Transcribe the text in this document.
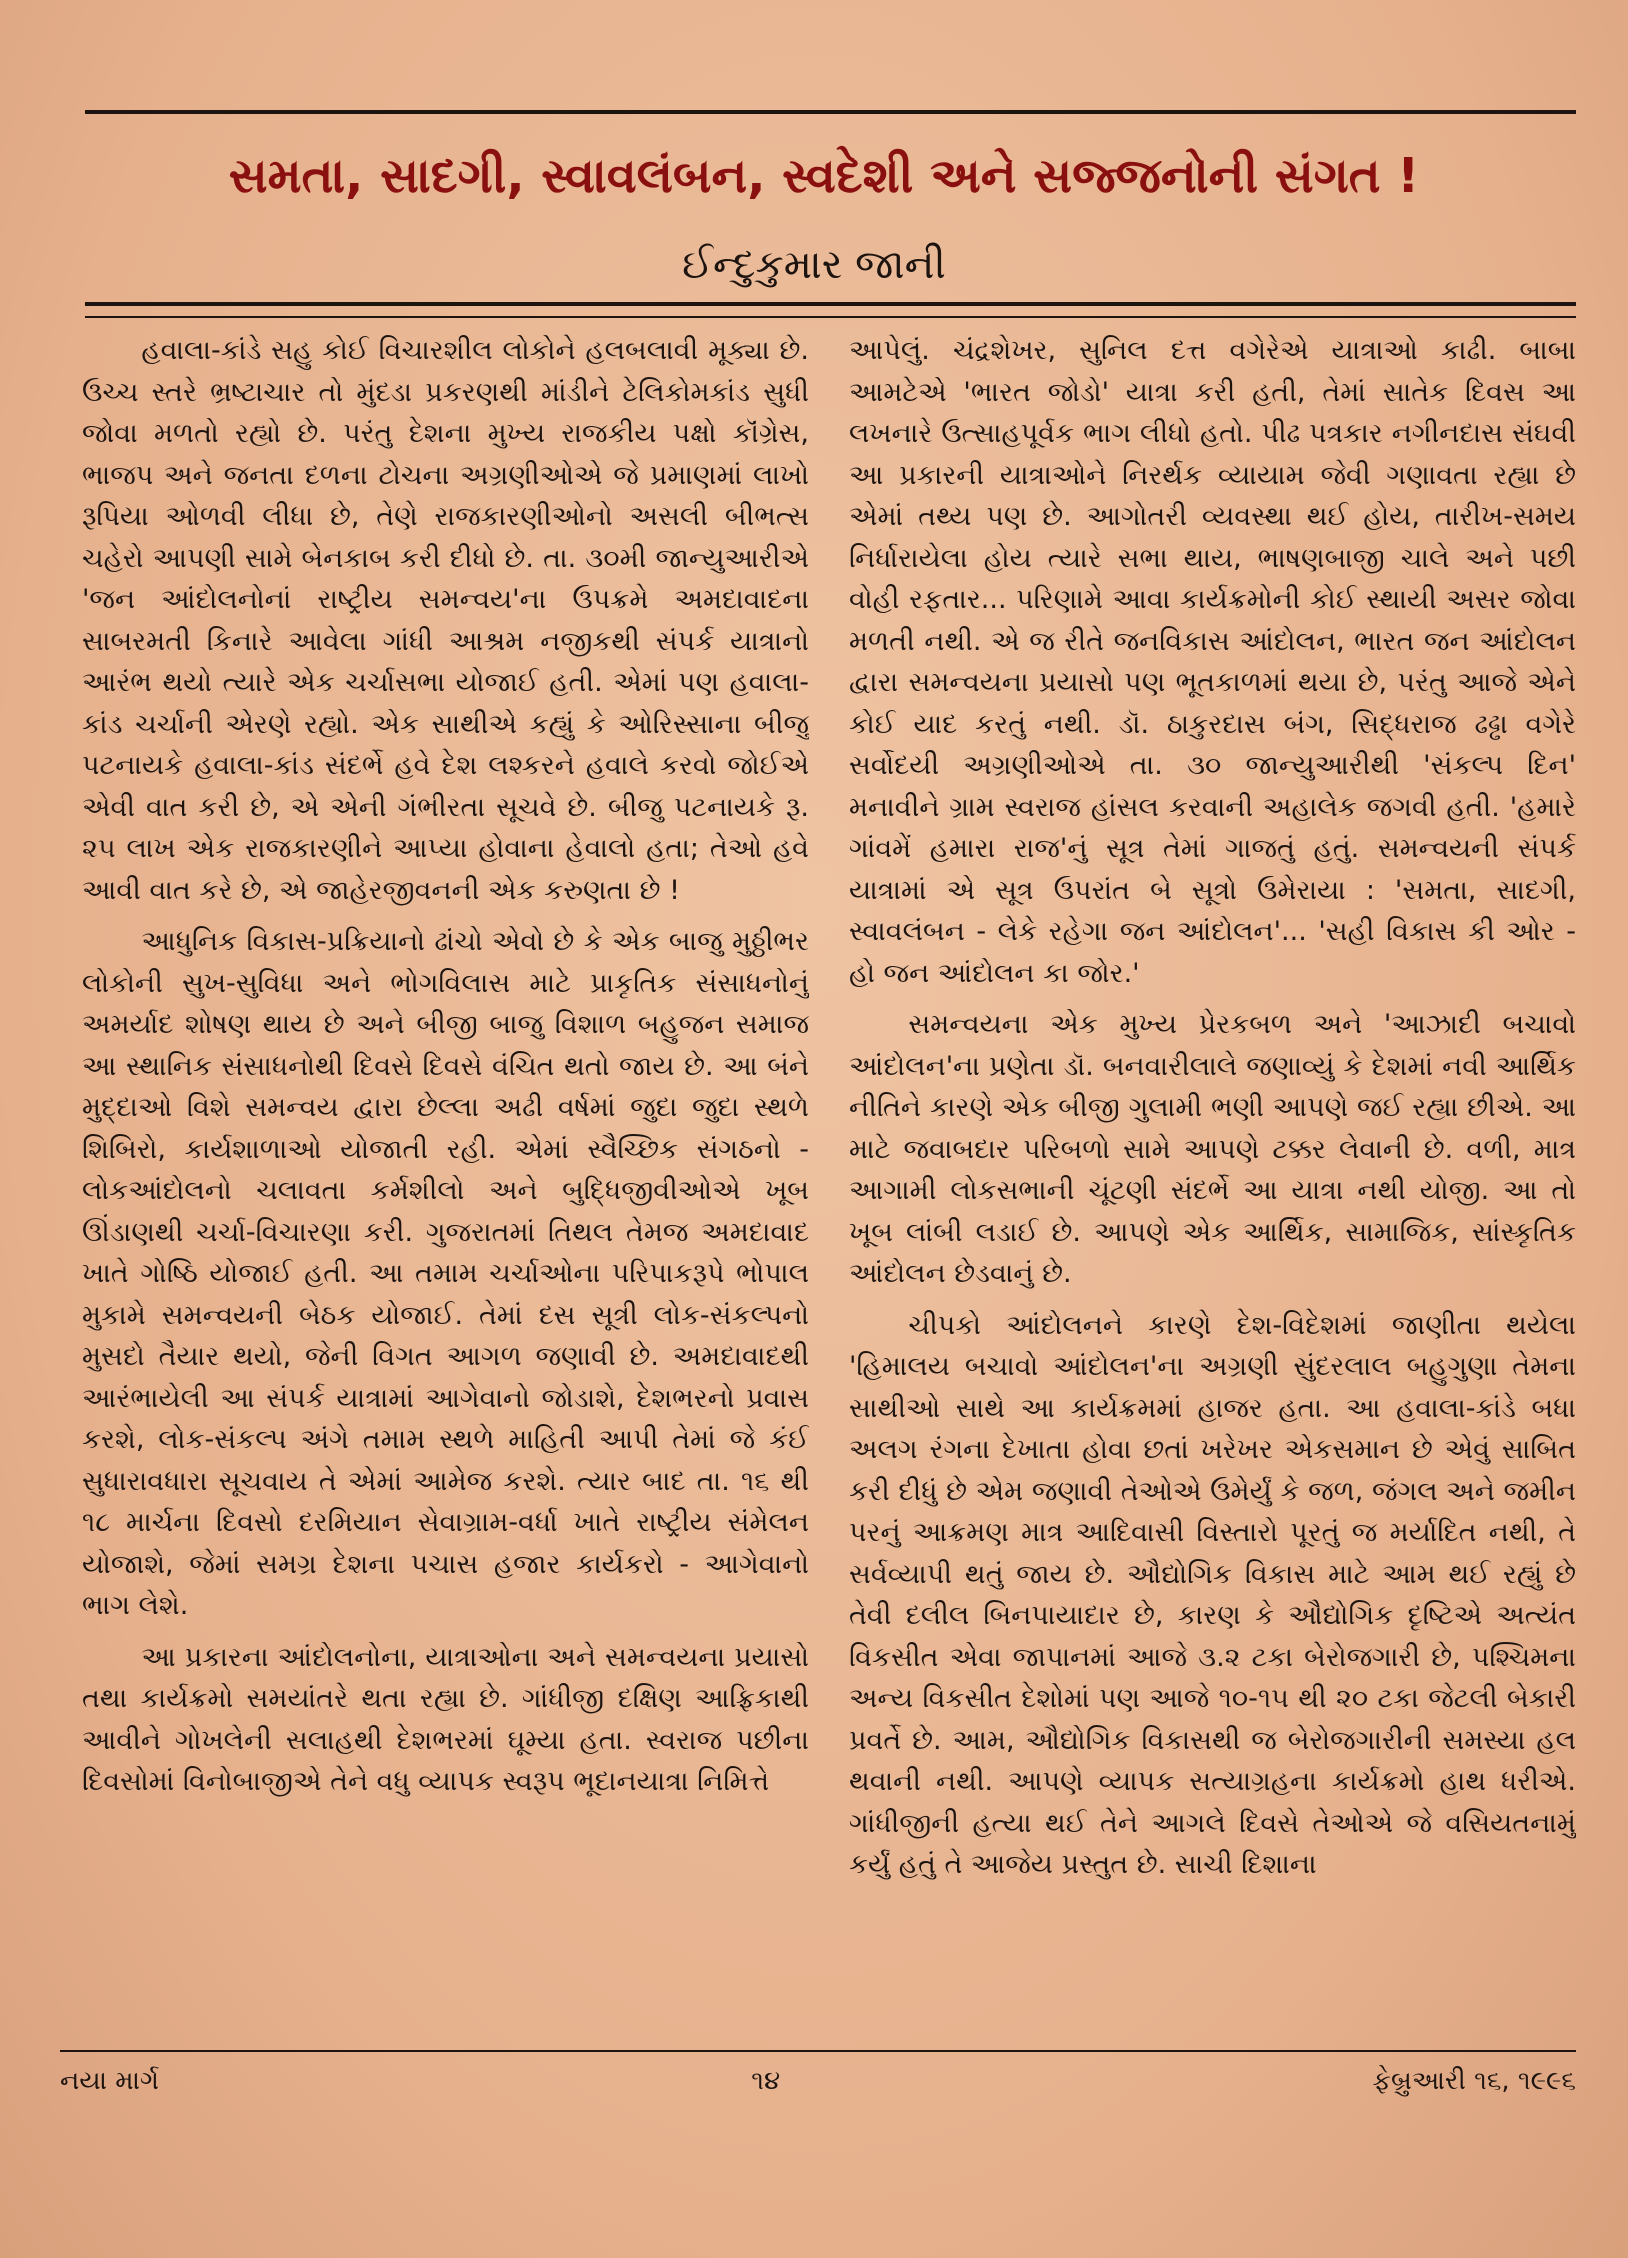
સમતા, સાદગી, સ્વાવલંબન, સ્વદેશી અને સજ્જનોની સંગત !
ઈન્દુકુમાર જાની

હવાલા-કાંડે સહુ કોઈ વિચારશીલ લોકોને હલબલાવી મૂક્યા છે. ઉચ્ચ સ્તરે ભ્રષ્ટાચાર તો મુંદડા પ્રકરણથી માંડીને ટેલિકોમકાંડ સુધી જોવા મળતો રહ્યો છે. પરંતુ દેશના મુખ્ય રાજકીય પક્ષો કૉંગ્રેસ, ભાજપ અને જનતા દળના ટોચના અગ્રણીઓએ જે પ્રમાણમાં લાખો રૂપિયા ઓળવી લીધા છે, તેણે રાજકારણીઓનો અસલી બીભત્સ ચહેરો આપણી સામે બેનકાબ કરી દીધો છે. તા. ૩૦મી જાન્યુઆરીએ 'જન આંદોલનોનાં રાષ્ટ્રીય સમન્વય'ના ઉપક્રમે અમદાવાદના સાબરમતી કિનારે આવેલા ગાંધી આશ્રમ નજીકથી સંપર્ક યાત્રાનો આરંભ થયો ત્યારે એક ચર્ચાસભા યોજાઈ હતી. એમાં પણ હવાલા-કાંડ ચર્ચાની એરણે રહ્યો. એક સાથીએ કહ્યું કે ઓરિસ્સાના બીજુ પટનાયકે હવાલા-કાંડ સંદર્ભે હવે દેશ લશ્કરને હવાલે કરવો જોઈએ એવી વાત કરી છે, એ એની ગંભીરતા સૂચવે છે. બીજુ પટનાયકે રૂ. ૨૫ લાખ એક રાજકારણીને આપ્યા હોવાના હેવાલો હતા; તેઓ હવે આવી વાત કરે છે, એ જાહેરજીવનની એક કરુણતા છે !

આધુનિક વિકાસ-પ્રક્રિયાનો ઢાંચો એવો છે કે એક બાજુ મુઠ્ઠીભર લોકોની સુખ-સુવિધા અને ભોગવિલાસ માટે પ્રાકૃતિક સંસાધનોનું અમર્યાદ શોષણ થાય છે અને બીજી બાજુ વિશાળ બહુજન સમાજ આ સ્થાનિક સંસાધનોથી દિવસે દિવસે વંચિત થતો જાય છે. આ બંને મુદ્દાઓ વિશે સમન્વય દ્વારા છેલ્લા અઢી વર્ષમાં જુદા જુદા સ્થળે શિબિરો, કાર્યશાળાઓ યોજાતી રહી. એમાં સ્વૈચ્છિક સંગઠનો - લોકઆંદોલનો ચલાવતા કર્મશીલો અને બુદ્ધિજીવીઓએ ખૂબ ઊંડાણથી ચર્ચા-વિચારણા કરી. ગુજરાતમાં તિથલ તેમજ અમદાવાદ ખાતે ગોષ્ઠિ યોજાઈ હતી. આ તમામ ચર્ચાઓના પરિપાકરૂપે ભોપાલ મુકામે સમન્વયની બેઠક યોજાઈ. તેમાં દસ સૂત્રી લોક-સંકલ્પનો મુસદો તૈયાર થયો, જેની વિગત આગળ જણાવી છે. અમદાવાદથી આરંભાયેલી આ સંપર્ક યાત્રામાં આગેવાનો જોડાશે, દેશભરનો પ્રવાસ કરશે, લોક-સંકલ્પ અંગે તમામ સ્થળે માહિતી આપી તેમાં જે કંઈ સુધારાવધારા સૂચવાય તે એમાં આમેજ કરશે. ત્યાર બાદ તા. ૧૬ થી ૧૮ માર્ચના દિવસો દરમિયાન સેવાગ્રામ-વર્ધા ખાતે રાષ્ટ્રીય સંમેલન યોજાશે, જેમાં સમગ્ર દેશના પચાસ હજાર કાર્યકરો - આગેવાનો ભાગ લેશે.

આ પ્રકારના આંદોલનોના, યાત્રાઓના અને સમન્વયના પ્રયાસો તથા કાર્યક્રમો સમયાંતરે થતા રહ્યા છે. ગાંધીજી દક્ષિણ આફ્રિકાથી આવીને ગોખલેની સલાહથી દેશભરમાં ઘૂમ્યા હતા. સ્વરાજ પછીના દિવસોમાં વિનોબાજીએ તેને વધુ વ્યાપક સ્વરૂપ ભૂદાનયાત્રા નિમિત્તે

આપેલું. ચંદ્રશેખર, સુનિલ દત્ત વગેરેએ યાત્રાઓ કાઢી. બાબા આમટેએ 'ભારત જોડો' યાત્રા કરી હતી, તેમાં સાતેક દિવસ આ લખનારે ઉત્સાહપૂર્વક ભાગ લીધો હતો. પીઢ પત્રકાર નગીનદાસ સંઘવી આ પ્રકારની યાત્રાઓને નિરર્થક વ્યાયામ જેવી ગણાવતા રહ્યા છે એમાં તથ્ય પણ છે. આગોતરી વ્યવસ્થા થઈ હોય, તારીખ-સમય નિર્ધારાયેલા હોય ત્યારે સભા થાય, ભાષણબાજી ચાલે અને પછી વોહી રફતાર... પરિણામે આવા કાર્યક્રમોની કોઈ સ્થાયી અસર જોવા મળતી નથી. એ જ રીતે જનવિકાસ આંદોલન, ભારત જન આંદોલન દ્વારા સમન્વયના પ્રયાસો પણ ભૂતકાળમાં થયા છે, પરંતુ આજે એને કોઈ યાદ કરતું નથી. ડૉ. ઠાકુરદાસ બંગ, સિદ્ધરાજ ઢઢ્ઢા વગેરે સર્વોદયી અગ્રણીઓએ તા. ૩૦ જાન્યુઆરીથી 'સંકલ્પ દિન' મનાવીને ગ્રામ સ્વરાજ હાંસલ કરવાની અહાલેક જગવી હતી. 'હમારે ગાંવમેં હમારા રાજ'નું સૂત્ર તેમાં ગાજતું હતું. સમન્વયની સંપર્ક યાત્રામાં એ સૂત્ર ઉપરાંત બે સૂત્રો ઉમેરાયા : 'સમતા, સાદગી, સ્વાવલંબન - લેકે રહેગા જન આંદોલન'... 'સહી વિકાસ કી ઓર - હો જન આંદોલન કા જોર.'

સમન્વયના એક મુખ્ય પ્રેરકબળ અને 'આઝાદી બચાવો આંદોલન'ના પ્રણેતા ડૉ. બનવારીલાલે જણાવ્યું કે દેશમાં નવી આર્થિક નીતિને કારણે એક બીજી ગુલામી ભણી આપણે જઈ રહ્યા છીએ. આ માટે જવાબદાર પરિબળો સામે આપણે ટક્કર લેવાની છે. વળી, માત્ર આગામી લોકસભાની ચૂંટણી સંદર્ભે આ યાત્રા નથી યોજી. આ તો ખૂબ લાંબી લડાઈ છે. આપણે એક આર્થિક, સામાજિક, સાંસ્કૃતિક આંદોલન છેડવાનું છે.

ચીપકો આંદોલનને કારણે દેશ-વિદેશમાં જાણીતા થયેલા 'હિમાલય બચાવો આંદોલન'ના અગ્રણી સુંદરલાલ બહુગુણા તેમના સાથીઓ સાથે આ કાર્યક્રમમાં હાજર હતા. આ હવાલા-કાંડે બધા અલગ રંગના દેખાતા હોવા છતાં ખરેખર એકસમાન છે એવું સાબિત કરી દીધું છે એમ જણાવી તેઓએ ઉમેર્યું કે જળ, જંગલ અને જમીન પરનું આક્રમણ માત્ર આદિવાસી વિસ્તારો પૂરતું જ મર્યાદિત નથી, તે સર્વવ્યાપી થતું જાય છે. ઔદ્યોગિક વિકાસ માટે આમ થઈ રહ્યું છે તેવી દલીલ બિનપાયાદાર છે, કારણ કે ઔદ્યોગિક દૃષ્ટિએ અત્યંત વિકસીત એવા જાપાનમાં આજે ૩.૨ ટકા બેરોજગારી છે, પશ્ચિમના અન્ય વિકસીત દેશોમાં પણ આજે ૧૦-૧૫ થી ૨૦ ટકા જેટલી બેકારી પ્રવર્તે છે. આમ, ઔદ્યોગિક વિકાસથી જ બેરોજગારીની સમસ્યા હલ થવાની નથી. આપણે વ્યાપક સત્યાગ્રહના કાર્યક્રમો હાથ ધરીએ. ગાંધીજીની હત્યા થઈ તેને આગલે દિવસે તેઓએ જે વસિયતનામું કર્યું હતું તે આજેય પ્રસ્તુત છે. સાચી દિશાના

નયા માર્ગ	૧૪	ફેબ્રુઆરી ૧૬, ૧૯૯૬
